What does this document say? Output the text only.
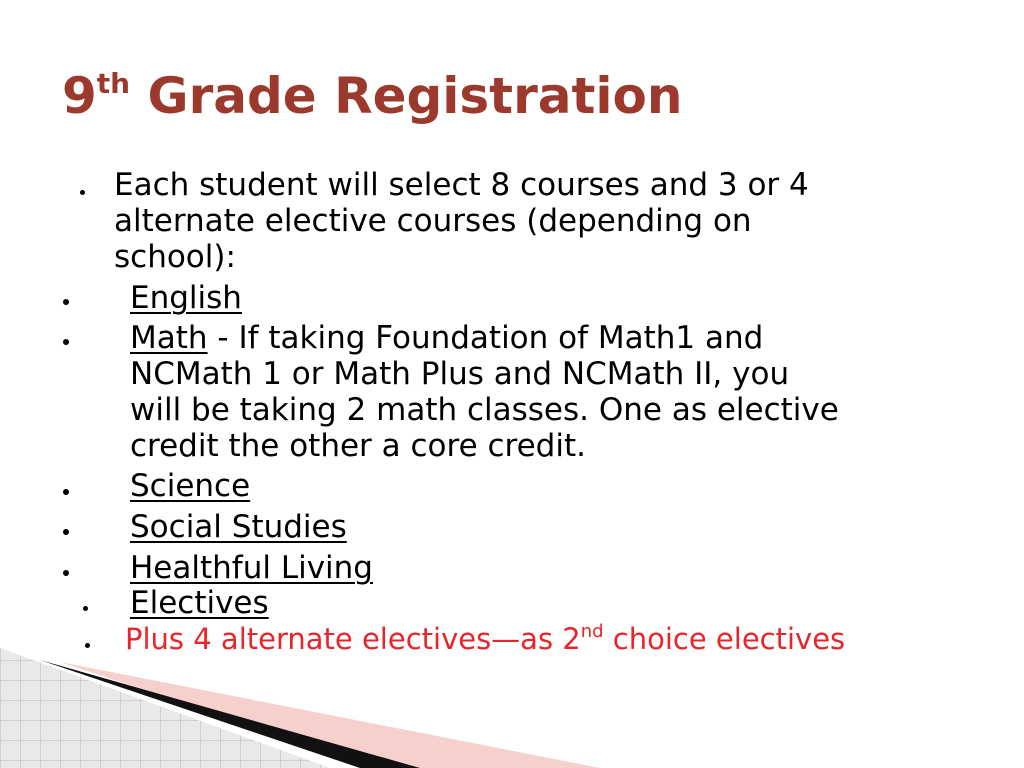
9th Grade Registration
Each student will select 8 courses and 3 or 4
alternate elective courses (depending on
school):
English
Math - If taking Foundation of Math1 and
NCMath 1 or Math Plus and NCMath II, you
will be taking 2 math classes. One as elective
credit the other a core credit.
Science
Social Studies
Healthful Living
Electives
Plus 4 alternate electives—as 2nd choice electives
